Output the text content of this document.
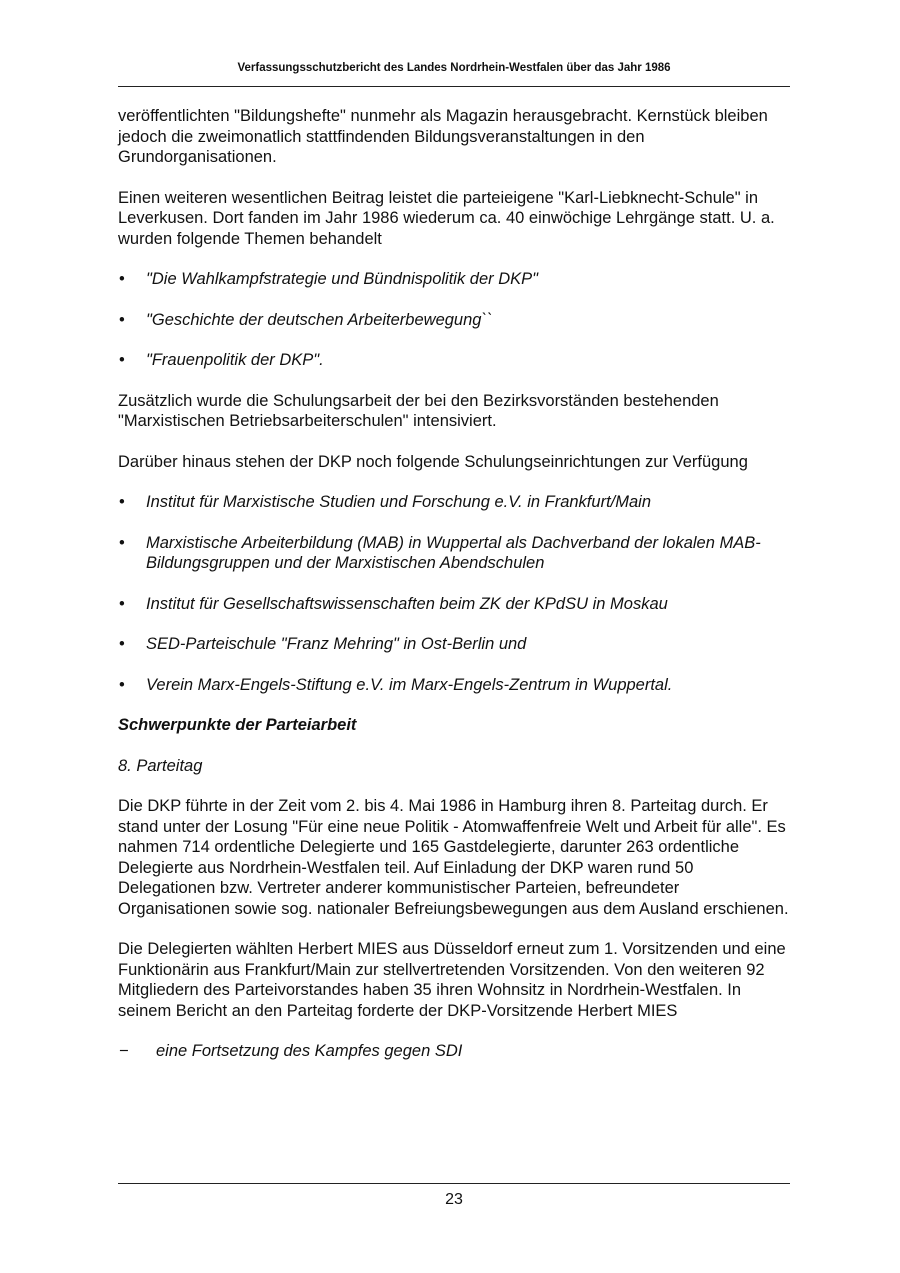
Verfassungsschutzbericht des Landes Nordrhein-Westfalen über das Jahr 1986

veröffentlichten "Bildungshefte" nunmehr als Magazin herausgebracht. Kernstück bleiben jedoch die zweimonatlich stattfindenden Bildungsveranstaltungen in den Grundorganisationen.

Einen weiteren wesentlichen Beitrag leistet die parteieigene "Karl-Liebknecht-Schule" in Leverkusen. Dort fanden im Jahr 1986 wiederum ca. 40 einwöchige Lehrgänge statt. U. a. wurden folgende Themen behandelt

• "Die Wahlkampfstrategie und Bündnispolitik der DKP"
• "Geschichte der deutschen Arbeiterbewegung``
• "Frauenpolitik der DKP".

Zusätzlich wurde die Schulungsarbeit der bei den Bezirksvorständen bestehenden "Marxistischen Betriebsarbeiterschulen" intensiviert.

Darüber hinaus stehen der DKP noch folgende Schulungseinrichtungen zur Verfügung

• Institut für Marxistische Studien und Forschung e.V. in Frankfurt/Main
• Marxistische Arbeiterbildung (MAB) in Wuppertal als Dachverband der lokalen MAB-Bildungsgruppen und der Marxistischen Abendschulen
• Institut für Gesellschaftswissenschaften beim ZK der KPdSU in Moskau
• SED-Parteischule "Franz Mehring" in Ost-Berlin und
• Verein Marx-Engels-Stiftung e.V. im Marx-Engels-Zentrum in Wuppertal.
Schwerpunkte der Parteiarbeit
8. Parteitag

Die DKP führte in der Zeit vom 2. bis 4. Mai 1986 in Hamburg ihren 8. Parteitag durch. Er stand unter der Losung "Für eine neue Politik - Atomwaffenfreie Welt und Arbeit für alle". Es nahmen 714 ordentliche Delegierte und 165 Gastdelegierte, darunter 263 ordentliche Delegierte aus Nordrhein-Westfalen teil. Auf Einladung der DKP waren rund 50 Delegationen bzw. Vertreter anderer kommunistischer Parteien, befreundeter Organisationen sowie sog. nationaler Befreiungsbewegungen aus dem Ausland erschienen.

Die Delegierten wählten Herbert MIES aus Düsseldorf erneut zum 1. Vorsitzenden und eine Funktionärin aus Frankfurt/Main zur stellvertretenden Vorsitzenden. Von den weiteren 92 Mitgliedern des Parteivorstandes haben 35 ihren Wohnsitz in Nordrhein-Westfalen. In seinem Bericht an den Parteitag forderte der DKP-Vorsitzende Herbert MIES

− eine Fortsetzung des Kampfes gegen SDI
23
